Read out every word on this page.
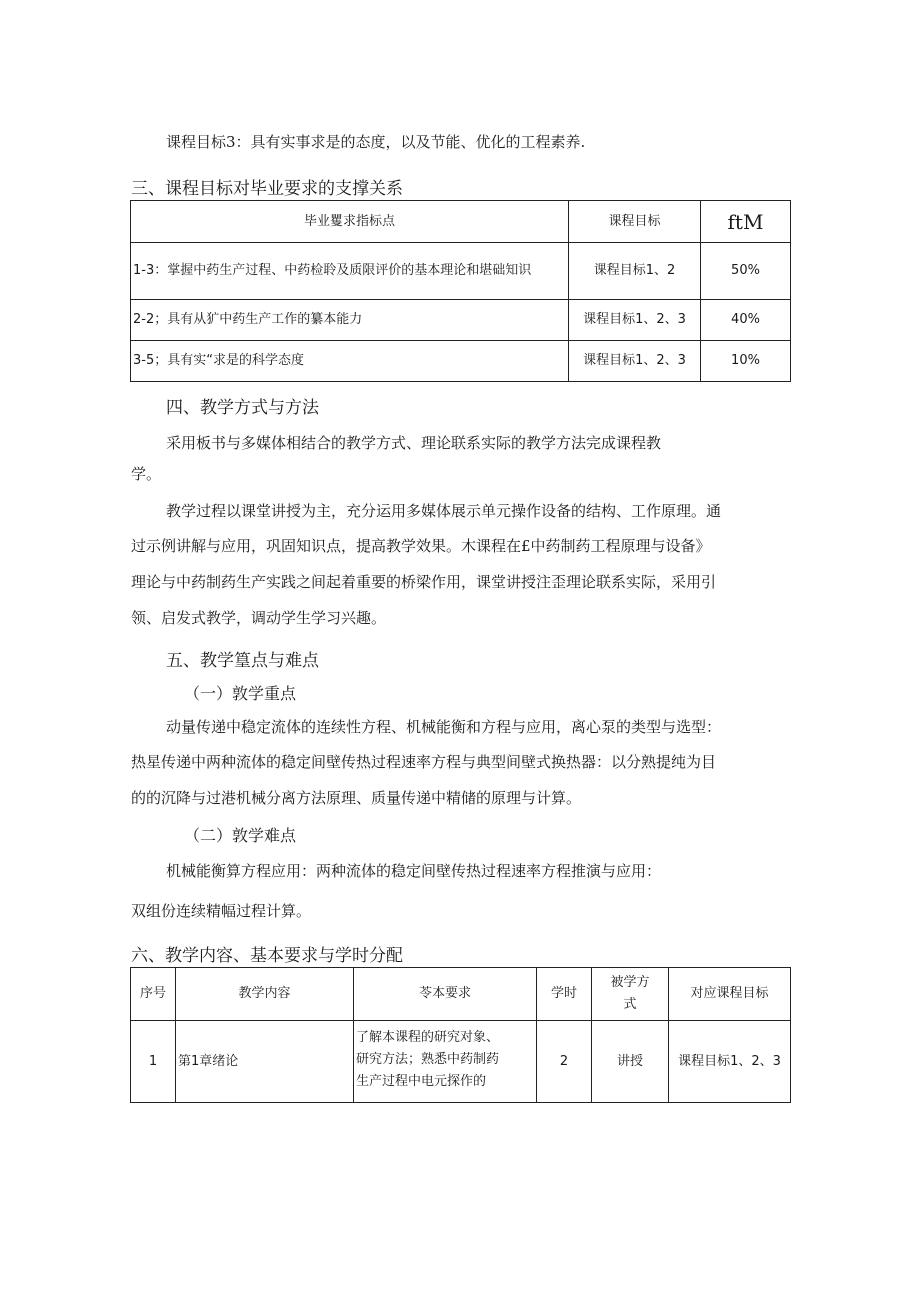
课程目标3：具有实事求是的态度，以及节能、优化的工程素养.
三、课程目标对毕业要求的支撑关系
毕业矍求指标点	课程目标	ftM
1-3：掌握中药生产过程、中药检聆及质限评价的基本理论和堪础知识	课程目标1、2	50%
2-2；具有从犷中药生产工作的纂本能力	课程目标1、2、3	40%
3-5；具有实“求是的科学态度	课程目标1、2、3	10%
四、教学方式与方法
采用板书与多媒体相结合的教学方式、理论联系实际的教学方法完成课程教
学。
教学过程以课堂讲授为主，充分运用多媒体展示单元操作设备的结构、工作原理。通
过示例讲解与应用，巩固知识点，提高教学效果。木课程在£中药制药工程原理与设备》
理论与中药制药生产实践之间起着重要的桥梁作用，课堂讲授注歪理论联系实际，采用引
领、启发式教学，调动学生学习兴趣。
五、教学篁点与难点
（一）敦学重点
动量传递中稳定流体的连续性方程、机械能衡和方程与应用，离心泵的类型与选型：
热星传递中两种流体的稳定间壁传热过程速率方程与典型间壁式换热器：以分熟提纯为目
的的沉降与过港机械分离方法原理、质量传递中精储的原理与计算。
（二）敦学难点
机械能衡算方程应用：两种流体的稳定间壁传热过程速率方程推演与应用：
双组份连续精幅过程计算。
六、教学内容、基本要求与学时分配
序号	教学内容	苓本要求	学时	被学方式	对应课程目标
1	第1章绪论	了解本课程的研究对象、
研究方法；熟悉中药制药
生产过程中电元探作的	2	讲授	课程目标1、2、3
